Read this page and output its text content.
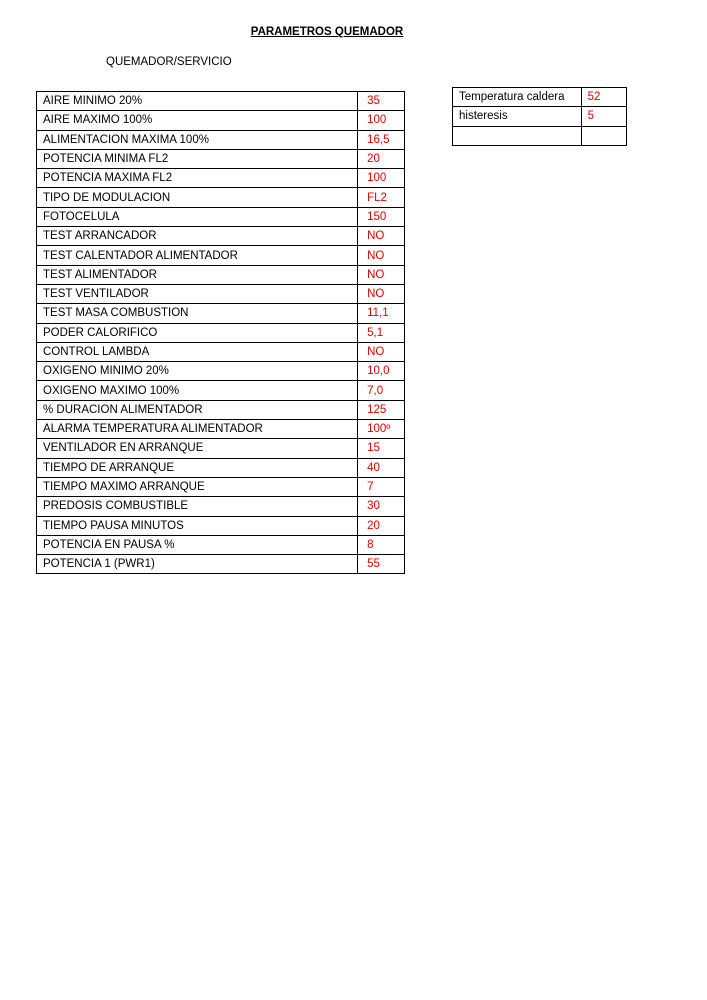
PARAMETROS QUEMADOR
QUEMADOR/SERVICIO
AIRE MINIMO 20%	35
AIRE MAXIMO 100%	100
ALIMENTACION MAXIMA 100%	16,5
POTENCIA MINIMA FL2	20
POTENCIA MAXIMA FL2	100
TIPO DE MODULACION	FL2
FOTOCELULA	150
TEST ARRANCADOR	NO
TEST CALENTADOR ALIMENTADOR	NO
TEST ALIMENTADOR	NO
TEST VENTILADOR	NO
TEST MASA COMBUSTION	11,1
PODER CALORIFICO	5,1
CONTROL LAMBDA	NO
OXIGENO MINIMO 20%	10,0
OXIGENO MAXIMO 100%	7,0
% DURACION ALIMENTADOR	125
ALARMA TEMPERATURA ALIMENTADOR	100º
VENTILADOR EN ARRANQUE	15
TIEMPO DE ARRANQUE	40
TIEMPO MAXIMO ARRANQUE	7
PREDOSIS COMBUSTIBLE	30
TIEMPO PAUSA MINUTOS	20
POTENCIA EN PAUSA %	8
POTENCIA 1 (PWR1)	55
Temperatura caldera	52
histeresis	5
